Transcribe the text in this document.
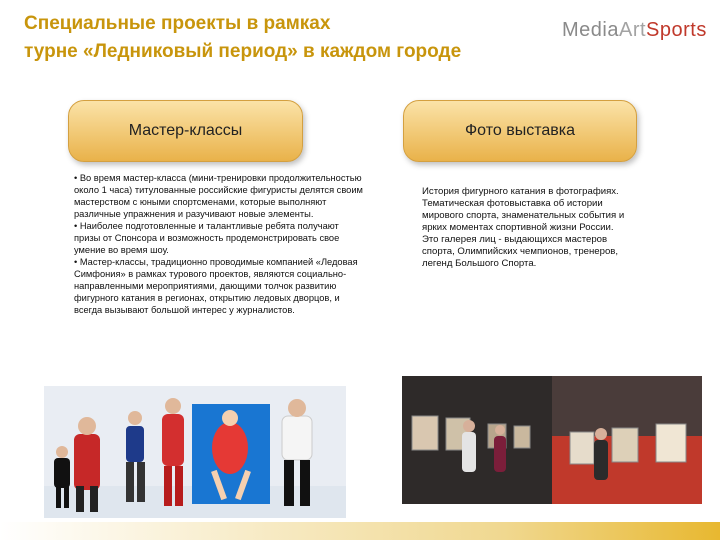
Специальные проекты в рамках
турне «Ледниковый период» в каждом городе
Media Art Sports
Мастер-классы	Фото выставка

• Во время мастер-класса (мини-тренировки продолжительностью около 1 часа) титулованные российские фигуристы делятся своим мастерством с юными спортсменами, которые выполняют различные упражнения и разучивают новые элементы.

• Наиболее подготовленные и талантливые ребята получают призы от Спонсора и возможность продемонстрировать свое умение во время шоу.

• Мастер-классы, традиционно проводимые компанией «Ледовая Симфония» в рамках турового проектов, являются социально-направленными мероприятиями, дающими толчок развитию фигурного катания в регионах, открытию ледовых дворцов, и всегда вызывают большой интерес у журналистов.

История фигурного катания в фотографиях.

Тематическая фотовыставка об истории мирового спорта, знаменательных события и ярких моментах спортивной жизни России.

Это галерея лиц - выдающихся мастеров спорта, Олимпийских чемпионов, тренеров, легенд Большого Спорта.

9
